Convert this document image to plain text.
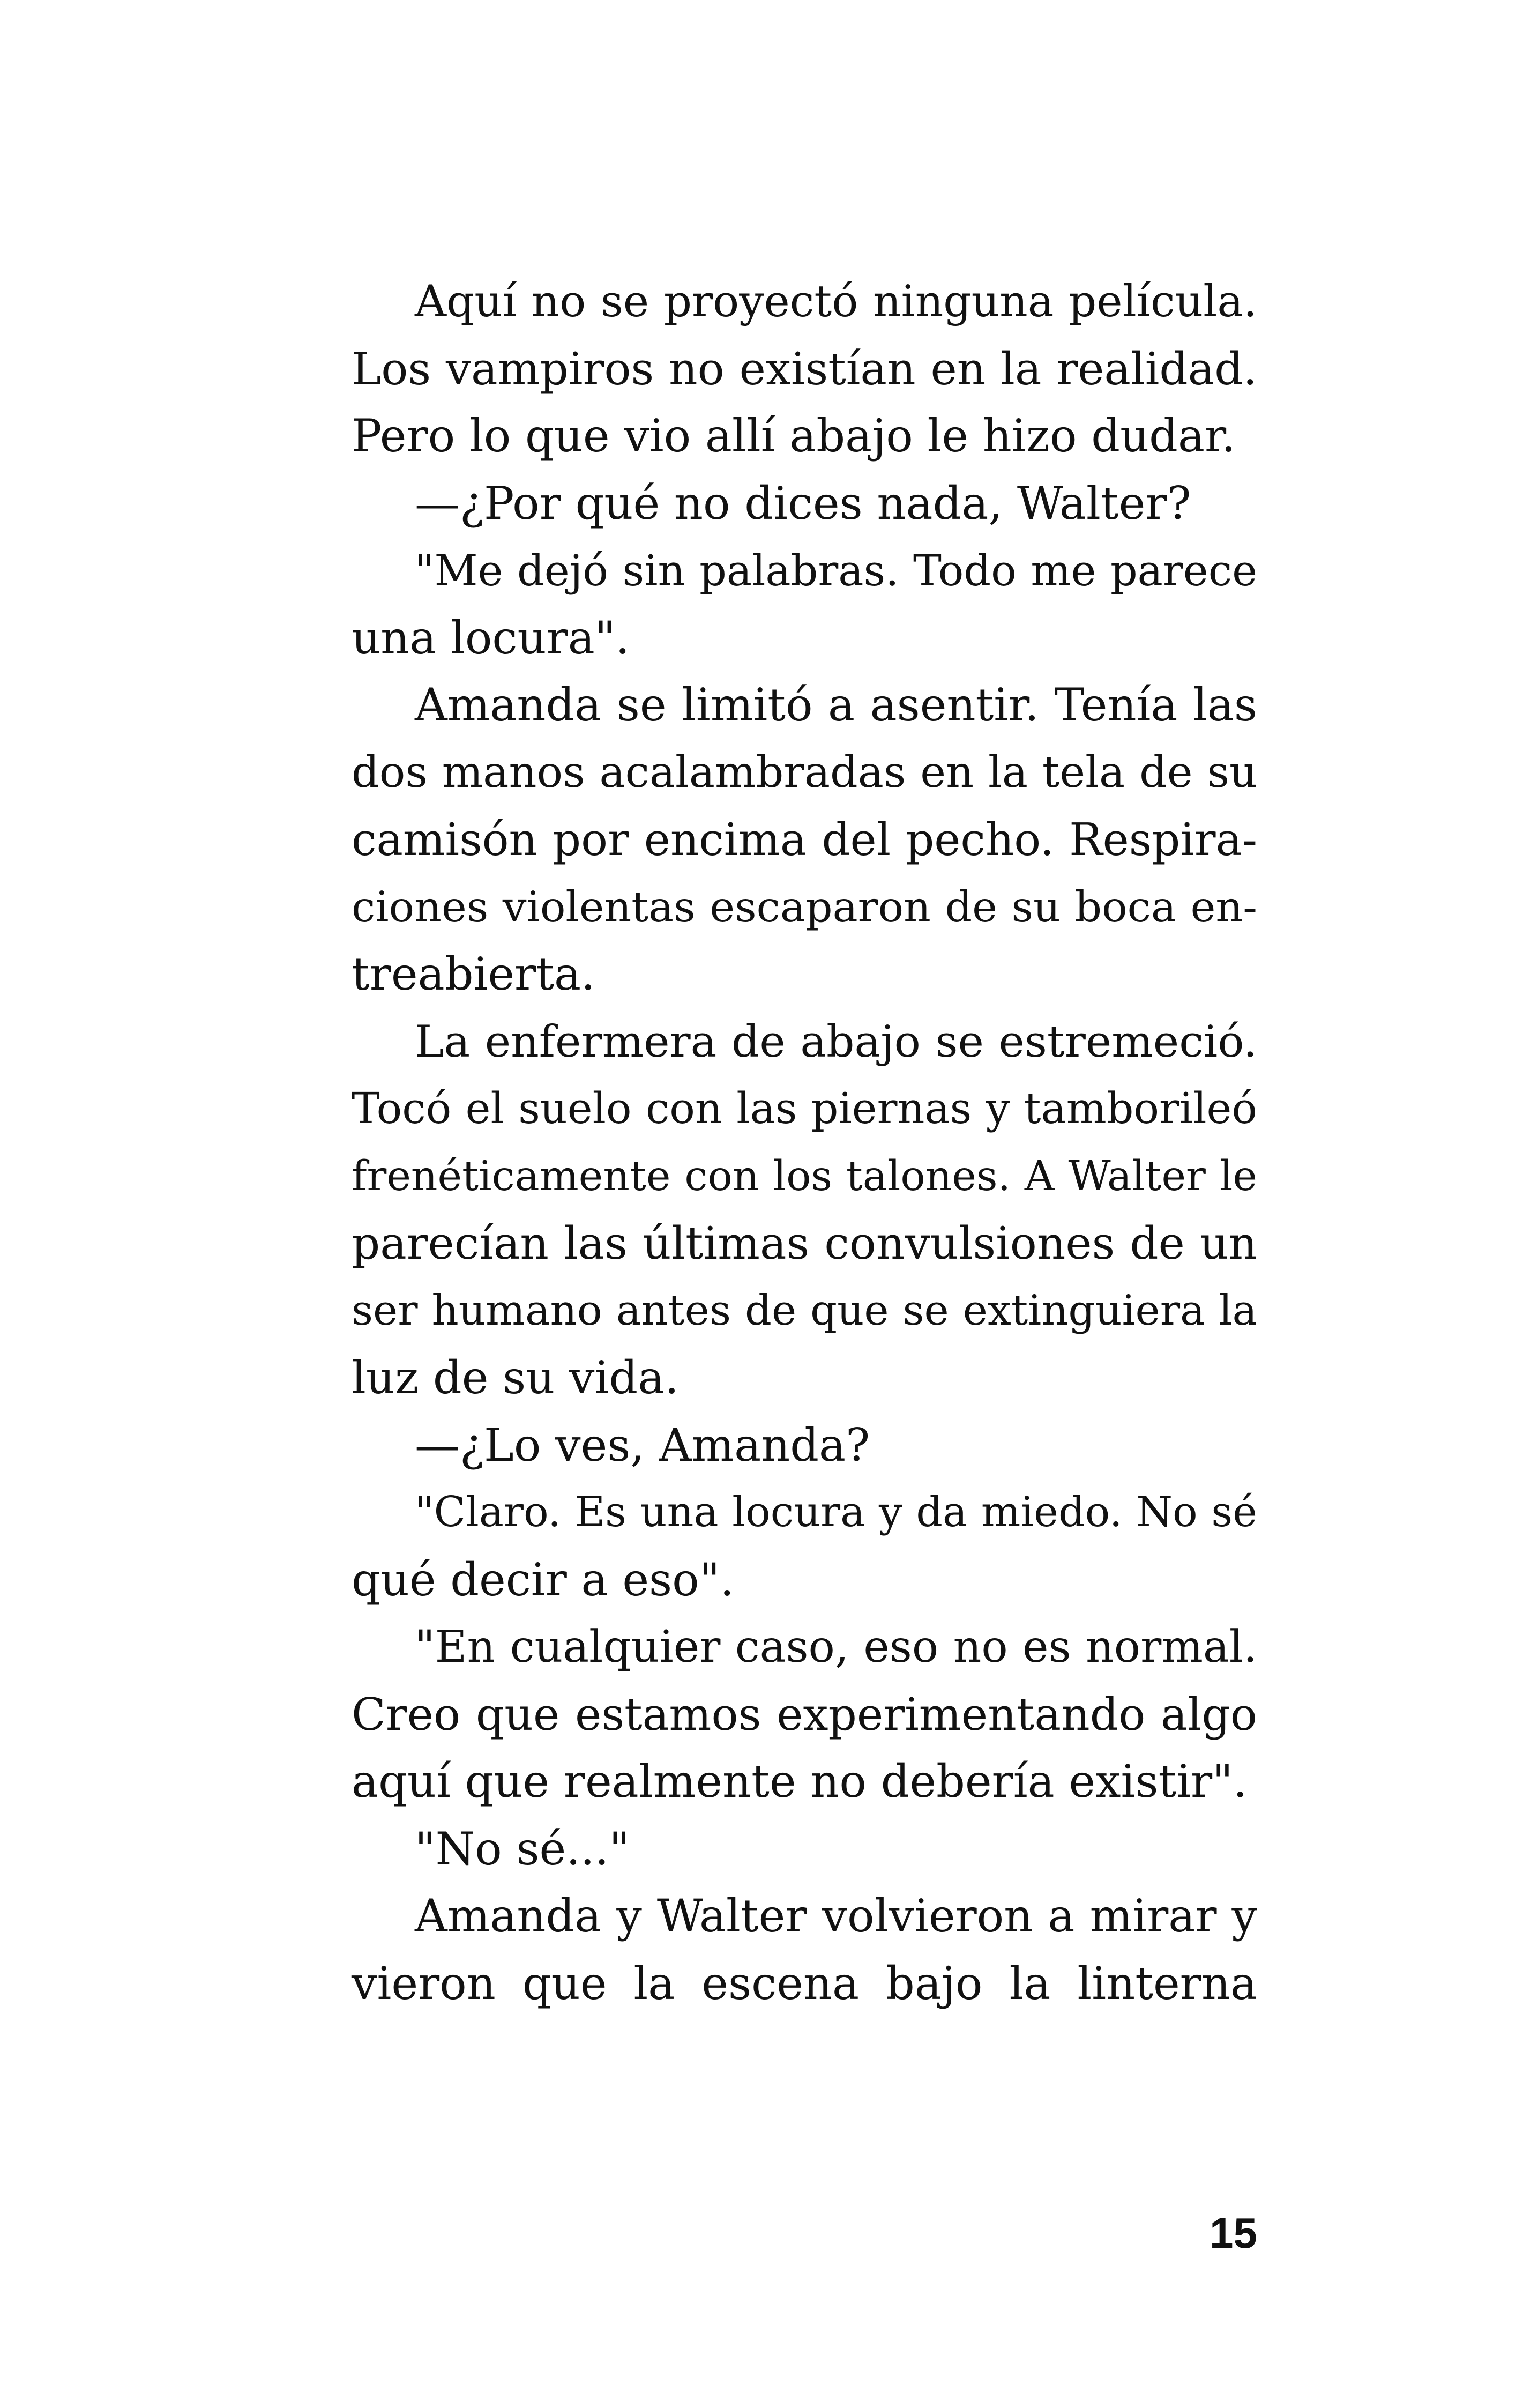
Aquí no se proyectó ninguna película.
Los vampiros no existían en la realidad.
Pero lo que vio allí abajo le hizo dudar.
—¿Por qué no dices nada, Walter?
"Me dejó sin palabras. Todo me parece
una locura".
Amanda se limitó a asentir. Tenía las
dos manos acalambradas en la tela de su
camisón por encima del pecho. Respira-
ciones violentas escaparon de su boca en-
treabierta.
La enfermera de abajo se estremeció.
Tocó el suelo con las piernas y tamborileó
frenéticamente con los talones. A Walter le
parecían las últimas convulsiones de un
ser humano antes de que se extinguiera la
luz de su vida.
—¿Lo ves, Amanda?
"Claro. Es una locura y da miedo. No sé
qué decir a eso".
"En cualquier caso, eso no es normal.
Creo que estamos experimentando algo
aquí que realmente no debería existir".
"No sé..."
Amanda y Walter volvieron a mirar y
vieron que la escena bajo la linterna
15
